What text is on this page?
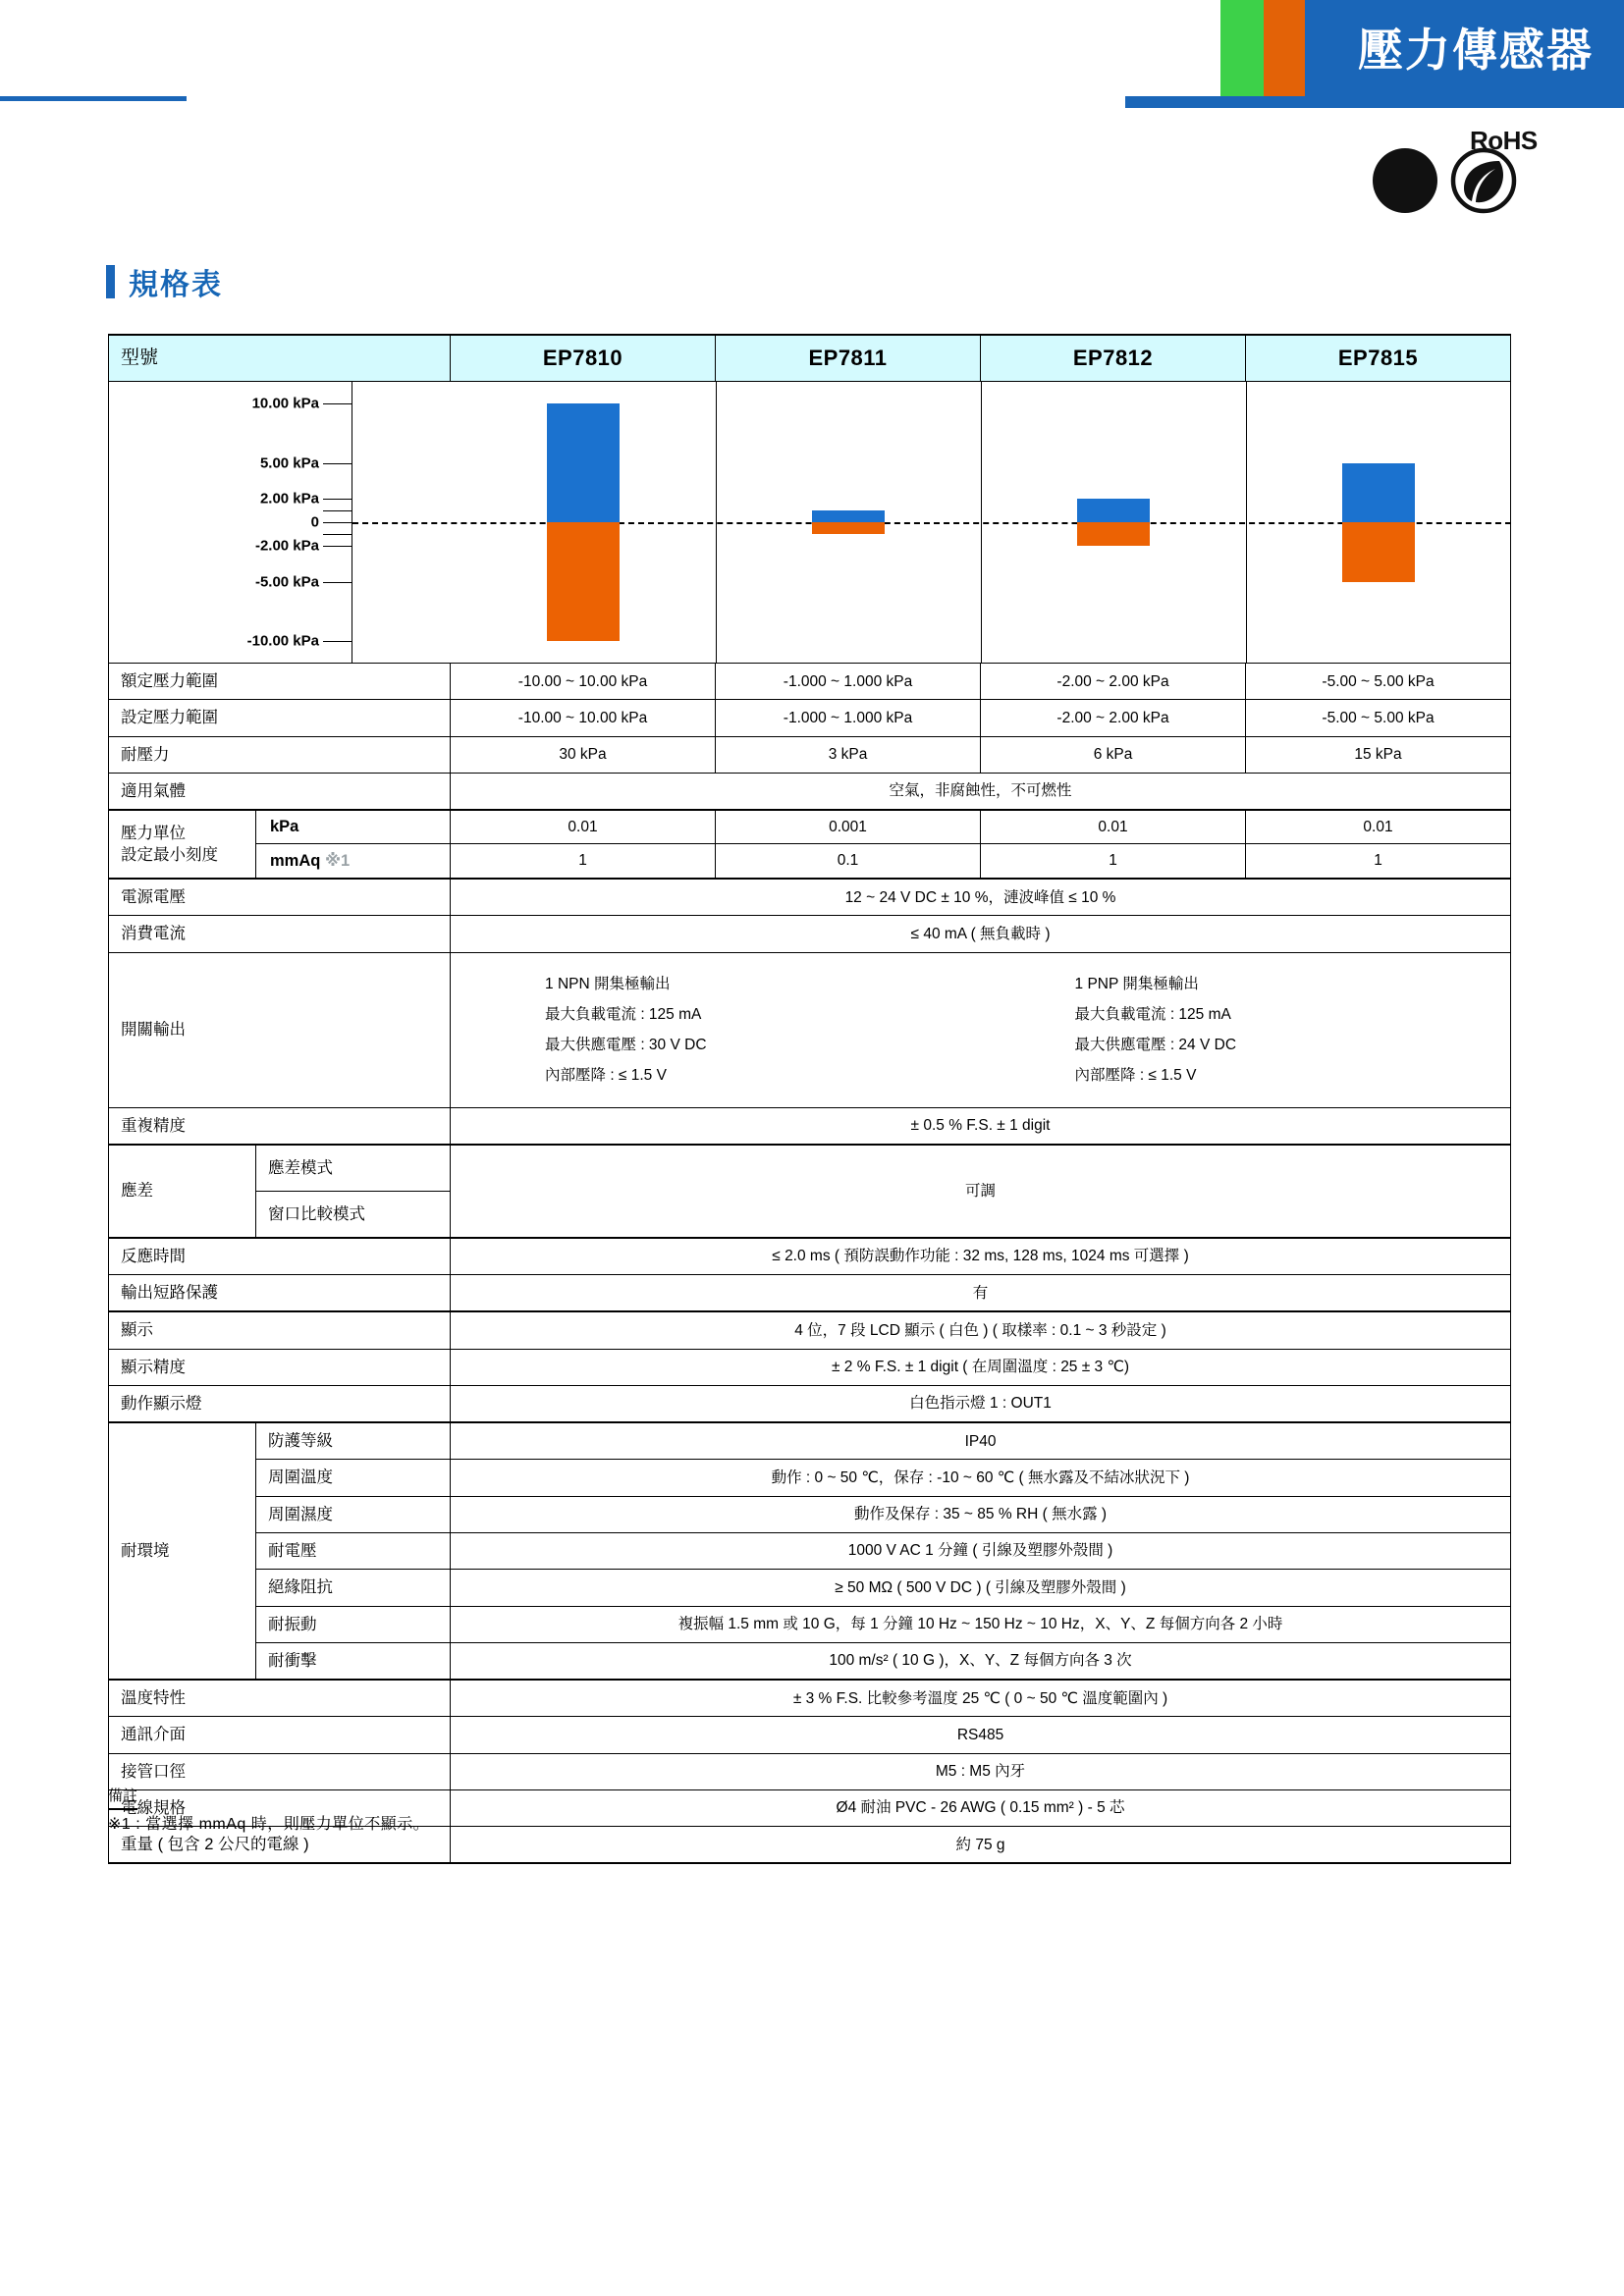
壓力傳感器
RoHS
規格表
型號		EP7810	EP7811	EP7812	EP7815

10.00 kPa
5.00 kPa
2.00 kPa
0
-2.00 kPa
-5.00 kPa
-10.00 kPa

額定壓力範圍		-10.00 ~ 10.00 kPa	-1.000 ~ 1.000 kPa	-2.00 ~ 2.00 kPa	-5.00 ~ 5.00 kPa

設定壓力範圍		-10.00 ~ 10.00 kPa	-1.000 ~ 1.000 kPa	-2.00 ~ 2.00 kPa	-5.00 ~ 5.00 kPa

耐壓力		30 kPa	3 kPa	6 kPa	15 kPa

適用氣體		空氣，非腐蝕性，不可燃性			

壓力單位
設定最小刻度	kPa	0.01	0.001	0.01	0.01

	mmAq ※1	1	0.1	1	1

電源電壓		12 ~ 24 V DC ± 10 %，漣波峰值 ≤ 10 %			

消費電流		≤ 40 mA ( 無負載時 )			

開關輸出

1 NPN 開集極輸出
最大負載電流 : 125 mA
最大供應電壓 : 30 V DC
內部壓降 : ≤ 1.5 V
1 PNP 開集極輸出
最大負載電流 : 125 mA
最大供應電壓 : 24 V DC
內部壓降 : ≤ 1.5 V

重複精度		± 0.5 % F.S. ± 1 digit			

應差	應差模式	可調			

	窗口比較模式				

反應時間		≤ 2.0 ms ( 預防誤動作功能 : 32 ms, 128 ms, 1024 ms 可選擇 )			

輸出短路保護		有			

顯示		4 位，7 段 LCD 顯示 ( 白色 ) ( 取樣率 : 0.1 ~ 3 秒設定 )			

顯示精度		± 2 % F.S. ± 1 digit ( 在周圍溫度 : 25 ± 3 ℃)			

動作顯示燈		白色指示燈 1 : OUT1			

耐環境	防護等級	IP40			

	周圍溫度	動作 : 0 ~ 50 ℃，保存 : -10 ~ 60 ℃ ( 無水露及不結冰狀況下 )			

	周圍濕度	動作及保存 : 35 ~ 85 % RH ( 無水露 )			

	耐電壓	1000 V AC 1 分鐘 ( 引線及塑膠外殼間 )			

	絕緣阻抗	≥ 50 MΩ ( 500 V DC ) ( 引線及塑膠外殼間 )			

	耐振動	複振幅 1.5 mm 或 10 G，每 1 分鐘 10 Hz ~ 150 Hz ~ 10 Hz，X、Y、Z 每個方向各 2 小時			

	耐衝擊	100 m/s² ( 10 G )，X、Y、Z 每個方向各 3 次			

溫度特性		± 3 % F.S. 比較參考溫度 25 ℃ ( 0 ~ 50 ℃ 溫度範圍內 )			

通訊介面		RS485			

接管口徑		M5 : M5 內牙			

電線規格		Ø4 耐油 PVC - 26 AWG ( 0.15 mm² ) - 5 芯			

重量 ( 包含 2 公尺的電線 )		約 75 g			
備註
※1 : 當選擇 mmAq 時，則壓力單位不顯示。
